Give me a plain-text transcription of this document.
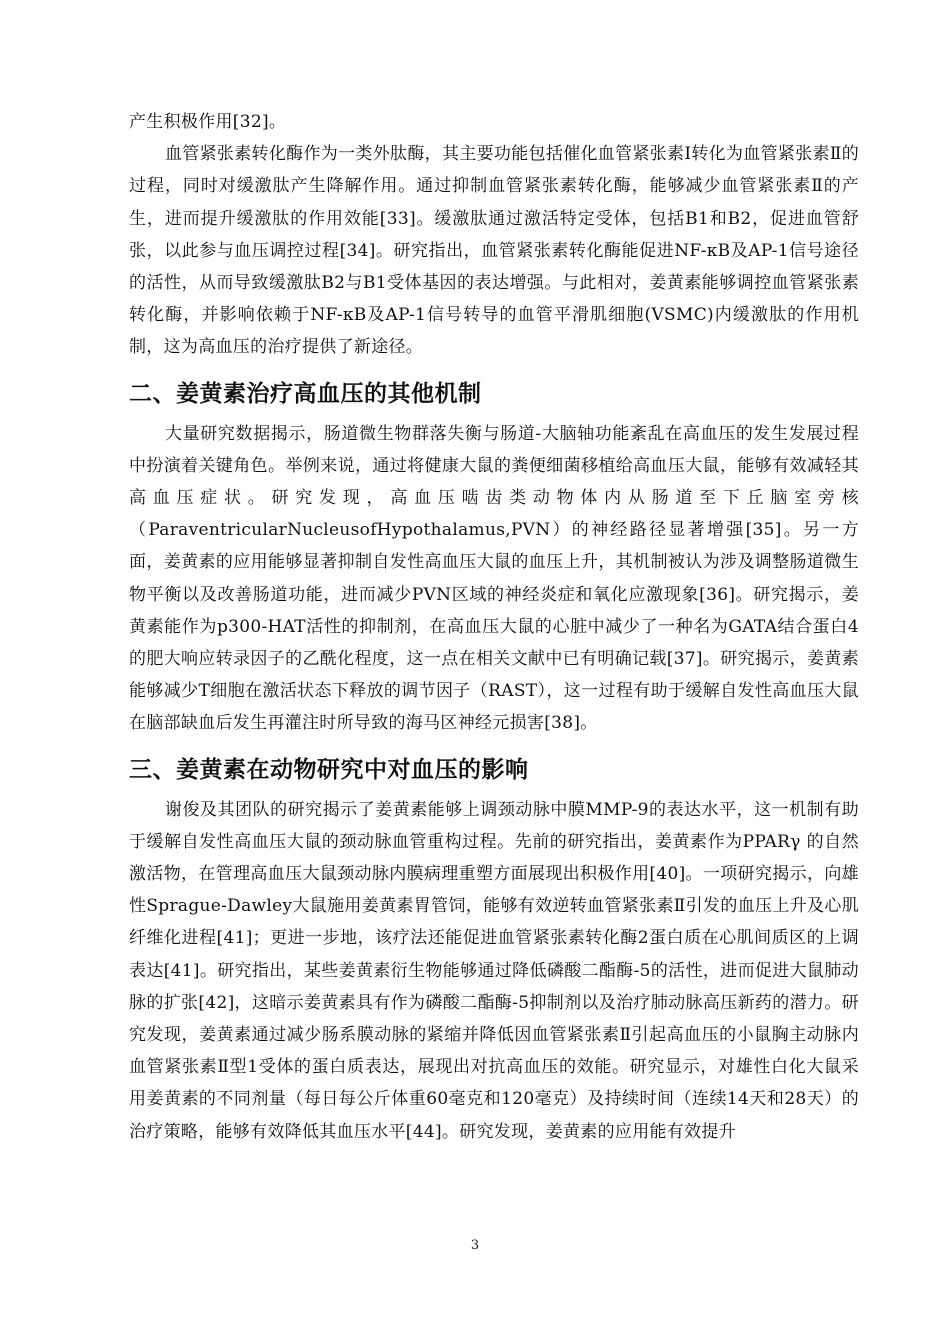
产生积极作用[32]。

血管紧张素转化酶作为一类外肽酶，其主要功能包括催化血管紧张素Ⅰ转化为血管紧张素Ⅱ的过程，同时对缓激肽产生降解作用。通过抑制血管紧张素转化酶，能够减少血管紧张素Ⅱ的产生，进而提升缓激肽的作用效能[33]。缓激肽通过激活特定受体，包括B1和B2，促进血管舒张，以此参与血压调控过程[34]。研究指出，血管紧张素转化酶能促进NF-κB及AP-1信号途径的活性，从而导致缓激肽B2与B1受体基因的表达增强。与此相对，姜黄素能够调控血管紧张素转化酶，并影响依赖于NF-κB及AP-1信号转导的血管平滑肌细胞(VSMC)内缓激肽的作用机制，这为高血压的治疗提供了新途径。

二、姜黄素治疗高血压的其他机制

大量研究数据揭示，肠道微生物群落失衡与肠道-大脑轴功能紊乱在高血压的发生发展过程中扮演着关键角色。举例来说，通过将健康大鼠的粪便细菌移植给高血压大鼠，能够有效减轻其高血压症状。研究发现，高血压啮齿类动物体内从肠道至下丘脑室旁核（ParaventricularNucleusofHypothalamus,PVN）的神经路径显著增强[35]。另一方面，姜黄素的应用能够显著抑制自发性高血压大鼠的血压上升，其机制被认为涉及调整肠道微生物平衡以及改善肠道功能，进而减少PVN区域的神经炎症和氧化应激现象[36]。研究揭示，姜黄素能作为p300-HAT活性的抑制剂，在高血压大鼠的心脏中减少了一种名为GATA结合蛋白4的肥大响应转录因子的乙酰化程度，这一点在相关文献中已有明确记载[37]。研究揭示，姜黄素能够减少T细胞在激活状态下释放的调节因子（RAST），这一过程有助于缓解自发性高血压大鼠在脑部缺血后发生再灌注时所导致的海马区神经元损害[38]。

三、姜黄素在动物研究中对血压的影响

谢俊及其团队的研究揭示了姜黄素能够上调颈动脉中膜MMP-9的表达水平，这一机制有助于缓解自发性高血压大鼠的颈动脉血管重构过程。先前的研究指出，姜黄素作为PPARγ 的自然激活物，在管理高血压大鼠颈动脉内膜病理重塑方面展现出积极作用[40]。一项研究揭示，向雄性Sprague-Dawley大鼠施用姜黄素胃管饲，能够有效逆转血管紧张素Ⅱ引发的血压上升及心肌纤维化进程[41]；更进一步地，该疗法还能促进血管紧张素转化酶2蛋白质在心肌间质区的上调表达[41]。研究指出，某些姜黄素衍生物能够通过降低磷酸二酯酶-5的活性，进而促进大鼠肺动脉的扩张[42]，这暗示姜黄素具有作为磷酸二酯酶-5抑制剂以及治疗肺动脉高压新药的潜力。研究发现，姜黄素通过减少肠系膜动脉的紧缩并降低因血管紧张素Ⅱ引起高血压的小鼠胸主动脉内血管紧张素Ⅱ型1受体的蛋白质表达，展现出对抗高血压的效能。研究显示，对雄性白化大鼠采用姜黄素的不同剂量（每日每公斤体重60毫克和120毫克）及持续时间（连续14天和28天）的治疗策略，能够有效降低其血压水平[44]。研究发现，姜黄素的应用能有效提升

3
